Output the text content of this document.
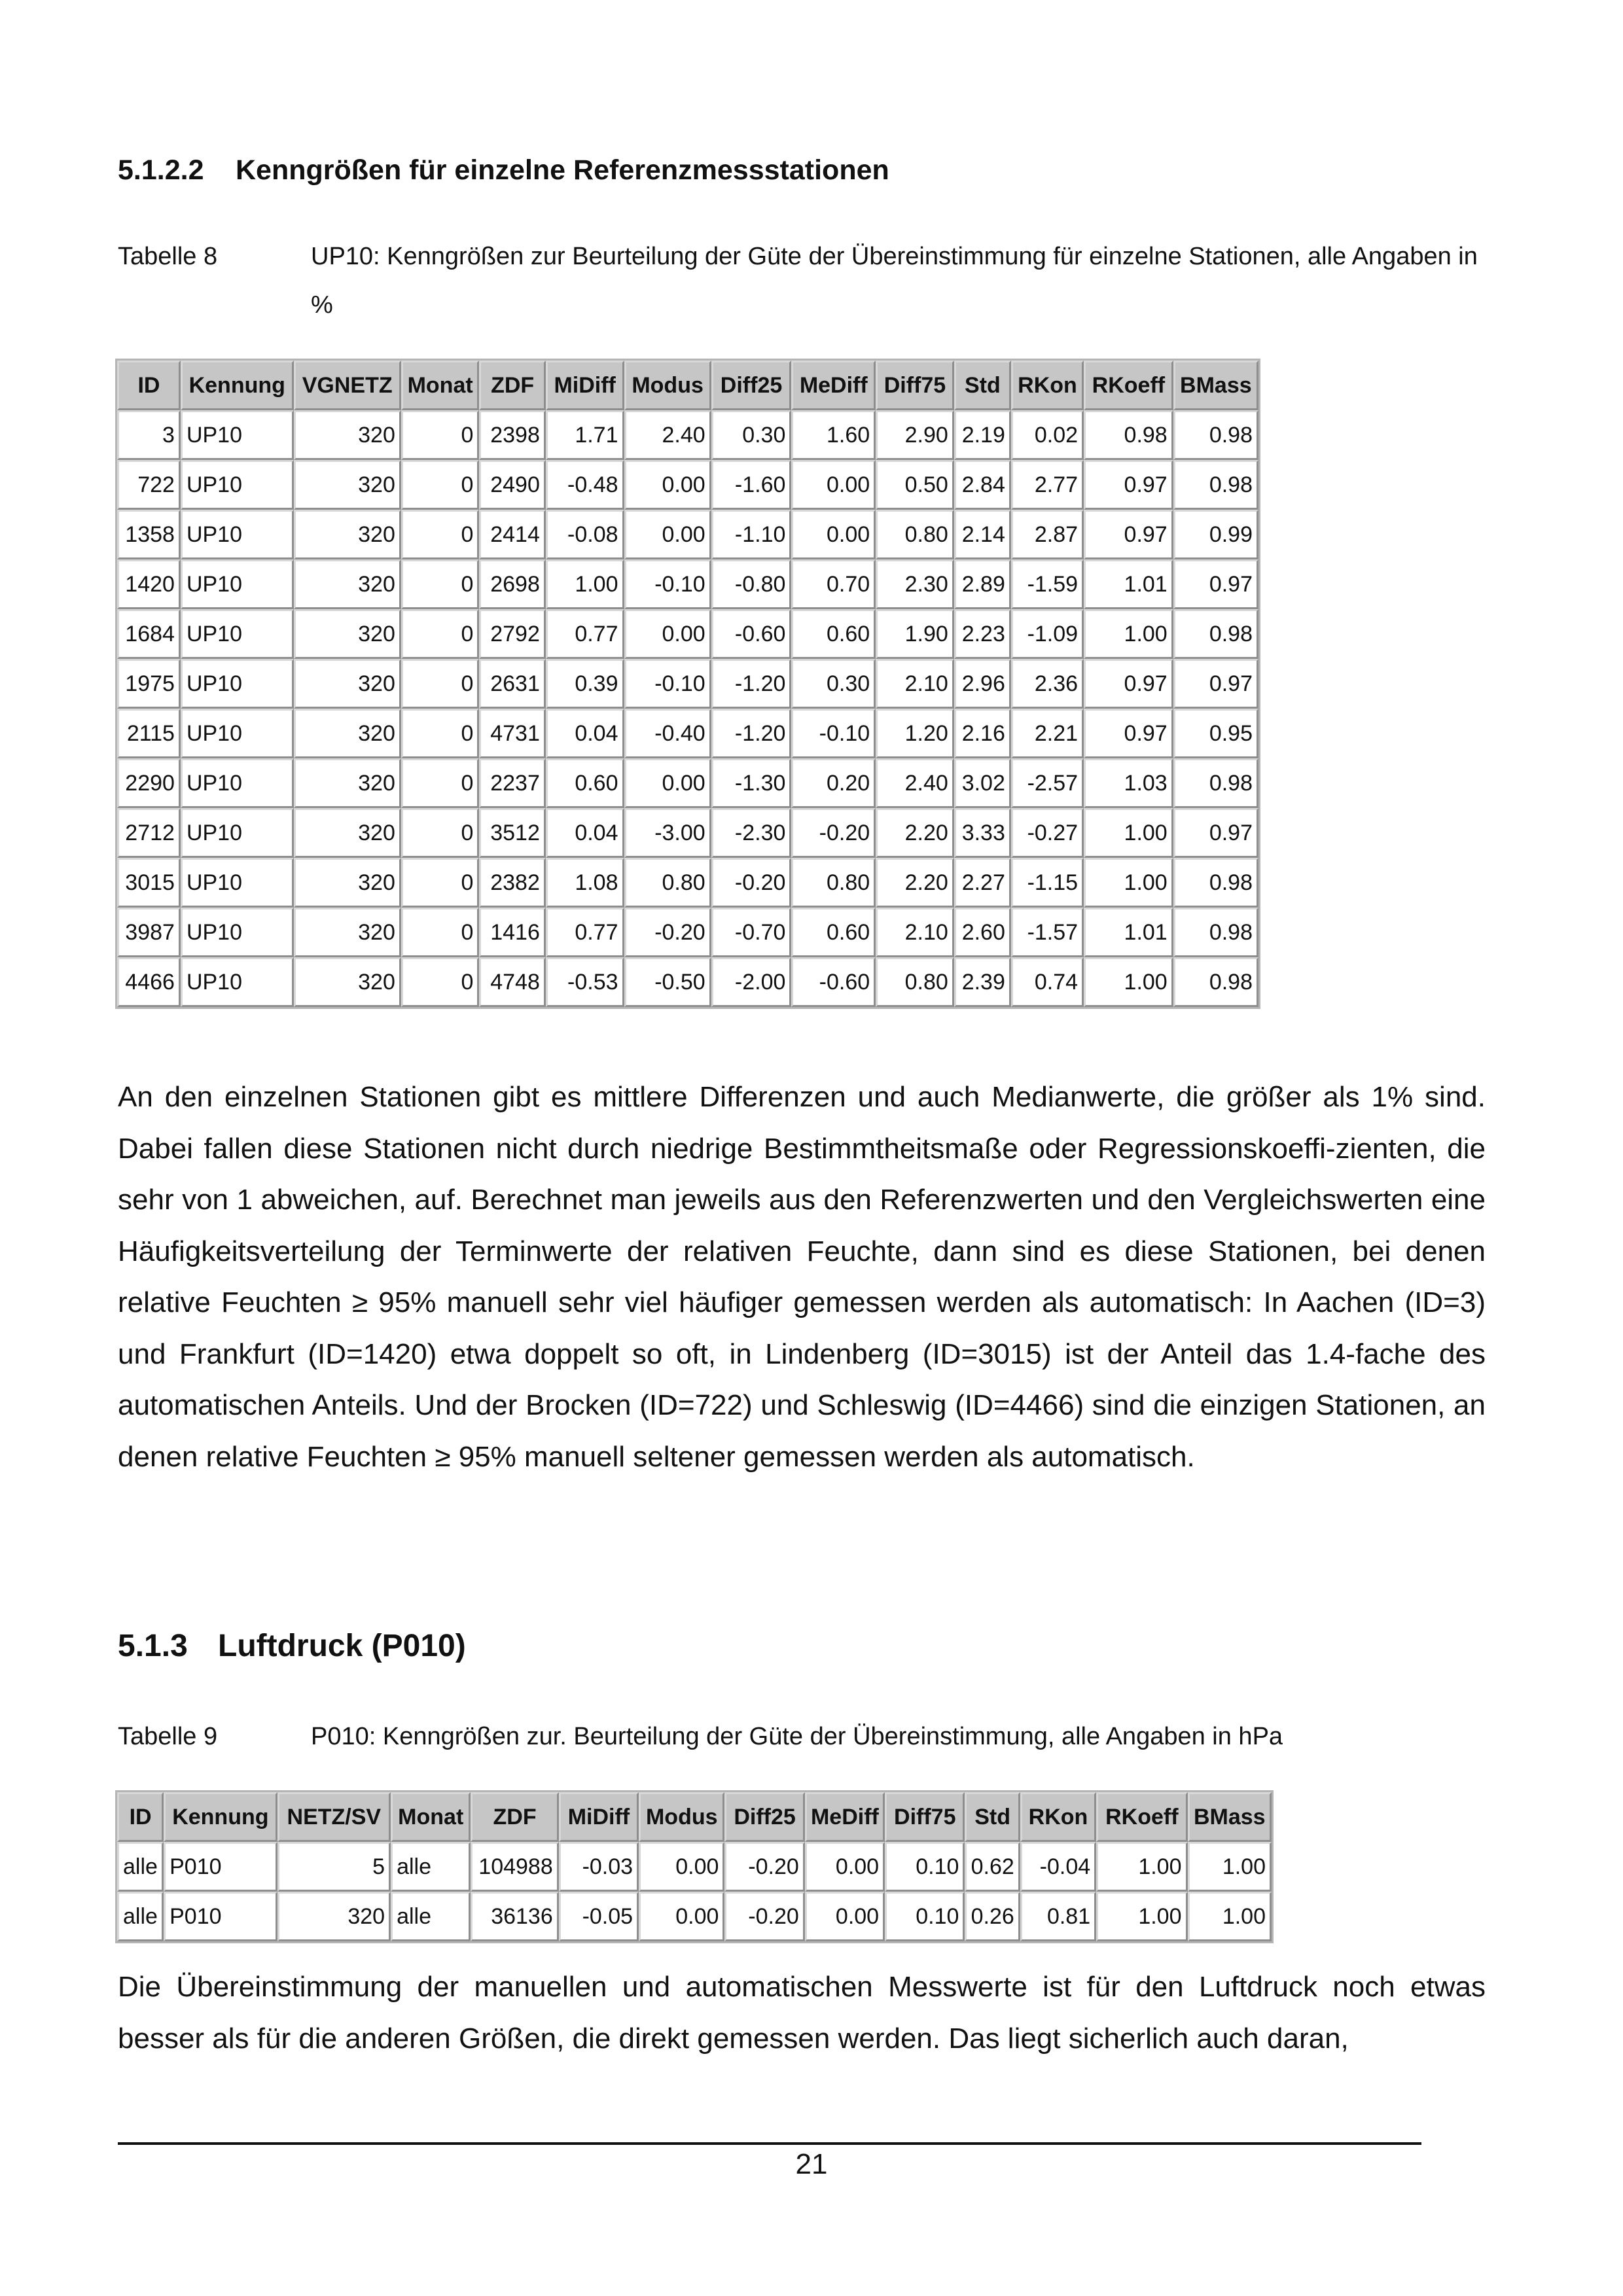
5.1.2.2 Kenngrößen für einzelne Referenzmessstationen
Tabelle 8	UP10: Kenngrößen zur Beurteilung der Güte der Übereinstimmung für einzelne Stationen, alle Angaben in %
ID	Kennung	VGNETZ	Monat	ZDF	MiDiff	Modus	Diff25	MeDiff	Diff75	Std	RKon	RKoeff	BMass
3	UP10	320	0	2398	1.71	2.40	0.30	1.60	2.90	2.19	0.02	0.98	0.98
722	UP10	320	0	2490	-0.48	0.00	-1.60	0.00	0.50	2.84	2.77	0.97	0.98
1358	UP10	320	0	2414	-0.08	0.00	-1.10	0.00	0.80	2.14	2.87	0.97	0.99
1420	UP10	320	0	2698	1.00	-0.10	-0.80	0.70	2.30	2.89	-1.59	1.01	0.97
1684	UP10	320	0	2792	0.77	0.00	-0.60	0.60	1.90	2.23	-1.09	1.00	0.98
1975	UP10	320	0	2631	0.39	-0.10	-1.20	0.30	2.10	2.96	2.36	0.97	0.97
2115	UP10	320	0	4731	0.04	-0.40	-1.20	-0.10	1.20	2.16	2.21	0.97	0.95
2290	UP10	320	0	2237	0.60	0.00	-1.30	0.20	2.40	3.02	-2.57	1.03	0.98
2712	UP10	320	0	3512	0.04	-3.00	-2.30	-0.20	2.20	3.33	-0.27	1.00	0.97
3015	UP10	320	0	2382	1.08	0.80	-0.20	0.80	2.20	2.27	-1.15	1.00	0.98
3987	UP10	320	0	1416	0.77	-0.20	-0.70	0.60	2.10	2.60	-1.57	1.01	0.98
4466	UP10	320	0	4748	-0.53	-0.50	-2.00	-0.60	0.80	2.39	0.74	1.00	0.98
An den einzelnen Stationen gibt es mittlere Differenzen und auch Medianwerte, die größer als 1% sind. Dabei fallen diese Stationen nicht durch niedrige Bestimmtheitsmaße oder Regressionskoeffi-zienten, die sehr von 1 abweichen, auf. Berechnet man jeweils aus den Referenzwerten und den Vergleichswerten eine Häufigkeitsverteilung der Terminwerte der relativen Feuchte, dann sind es diese Stationen, bei denen relative Feuchten ≥ 95% manuell sehr viel häufiger gemessen werden als automatisch: In Aachen (ID=3) und Frankfurt (ID=1420) etwa doppelt so oft, in Lindenberg (ID=3015) ist der Anteil das 1.4-fache des automatischen Anteils. Und der Brocken (ID=722) und Schleswig (ID=4466) sind die einzigen Stationen, an denen relative Feuchten ≥ 95% manuell seltener gemessen werden als automatisch.
5.1.3 Luftdruck (P010)
Tabelle 9	P010: Kenngrößen zur. Beurteilung der Güte der Übereinstimmung, alle Angaben in hPa
ID	Kennung	NETZ/SV	Monat	ZDF	MiDiff	Modus	Diff25	MeDiff	Diff75	Std	RKon	RKoeff	BMass
alle	P010	5	alle	104988	-0.03	0.00	-0.20	0.00	0.10	0.62	-0.04	1.00	1.00
alle	P010	320	alle	36136	-0.05	0.00	-0.20	0.00	0.10	0.26	0.81	1.00	1.00
Die Übereinstimmung der manuellen und automatischen Messwerte ist für den Luftdruck noch etwas besser als für die anderen Größen, die direkt gemessen werden. Das liegt sicherlich auch daran,
21
